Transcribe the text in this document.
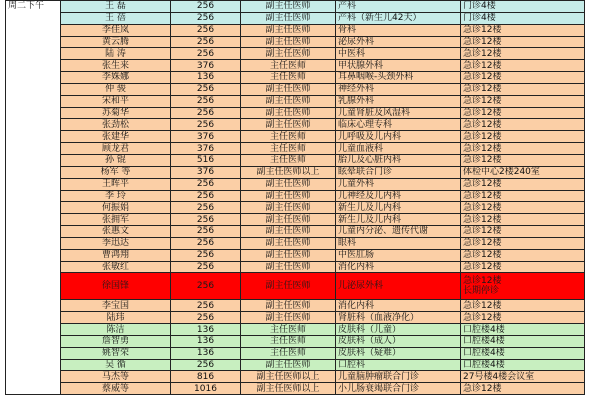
周二下午	王 磊	256	副主任医师	产科	门诊4楼

	王 蓓	256	副主任医师	产科（新生儿42天）	门诊4楼

	李佳岚	256	副主任医师	骨科	急诊12楼

	黄云腾	256	副主任医师	泌尿外科	急诊12楼

	陆 涛	256	副主任医师	中医科	急诊12楼

	张生来	376	主任医师	甲状腺外科	急诊12楼

	李姝娜	136	主任医师	耳鼻咽喉-头颈外科	急诊12楼

	仲 骏	256	副主任医师	神经外科	急诊12楼

	宋和平	256	副主任医师	乳腺外科	急诊12楼

	苏菊华	256	副主任医师	儿童肾脏及风湿科	急诊12楼

	张劲松	256	副主任医师	临床心理专科	急诊12楼

	张建华	376	主任医师	儿呼吸及儿内科	急诊12楼

	顾龙君	376	主任医师	儿童血液科	急诊12楼

	孙 锟	516	主任医师	胎儿及心脏内科	急诊12楼

	杨军 等	376	副主任医师以上	眩晕联合门诊	体检中心2楼240室

	王晖平	256	副主任医师	儿童外科	急诊12楼

	李 玲	256	副主任医师	儿神经及儿内科	急诊12楼

	何振娟	256	副主任医师	新生儿及儿内科	急诊12楼

	张拥军	256	副主任医师	新生儿及儿内科	急诊12楼

	张惠文	256	副主任医师	儿童内分泌、遗传代谢	急诊12楼

	季迅达	256	副主任医师	眼科	急诊12楼

	曹鸿翔	256	副主任医师	中医肛肠	急诊12楼

	张敏红	256	副主任医师	消化内科	急诊12楼

	徐国锋	256	副主任医师	儿泌尿外科	急诊12楼
长期停诊

	李宝国	256	副主任医师	消化内科	急诊12楼

	陆玮	256	副主任医师	肾脏科（血液净化）	急诊12楼

	陈洁	136	主任医师	皮肤科（儿童）	口腔楼4楼

	詹智勇	136	主任医师	皮肤科（成人）	口腔楼4楼

	姚智荣	136	主任医师	皮肤科（疑难）	口腔楼4楼

	吴 循	256	副主任医师	口腔科	口腔楼4楼

	马杰等	816	副主任医师以上	儿童脑肿瘤联合门诊	27号楼4楼会议室

	蔡威等	1016	副主任医师以上	小儿肠衰竭联合门诊	急诊12楼
